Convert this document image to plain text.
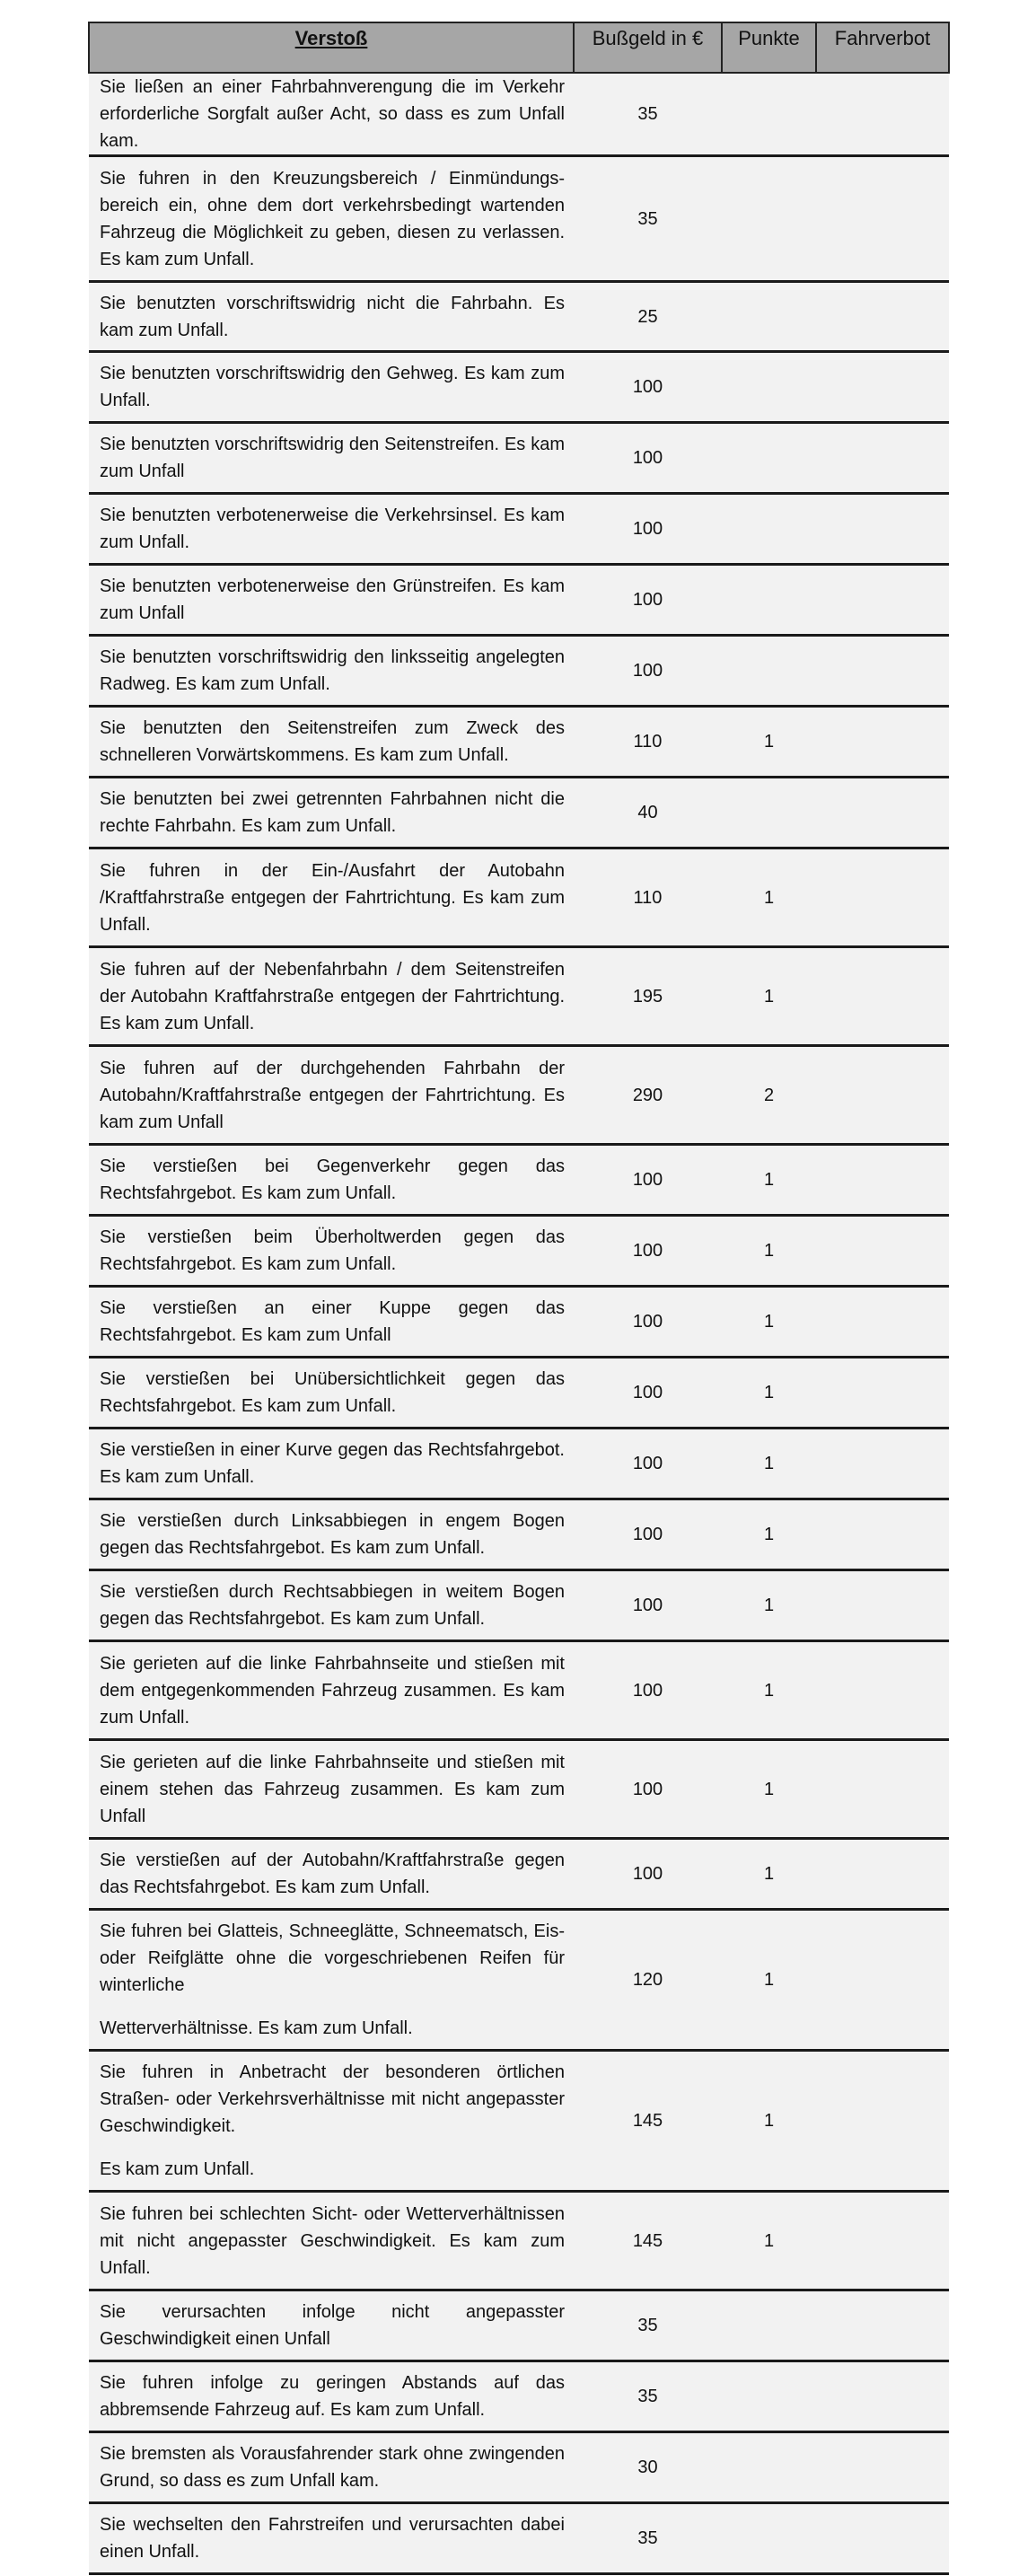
Verstoß	Bußgeld in €	Punkte	Fahrverbot

Sie ließen an einer Fahrbahnverengung die im Verkehr erforderliche Sorgfalt außer Acht, so dass es zum Unfall kam.	35		

Sie fuhren in den Kreuzungsbereich / Einmündungs-bereich ein, ohne dem dort verkehrsbedingt wartenden Fahrzeug die Möglichkeit zu geben, diesen zu verlassen. Es kam zum Unfall.	35		

Sie benutzten vorschriftswidrig nicht die Fahrbahn. Es kam zum Unfall.	25		

Sie benutzten vorschriftswidrig den Gehweg. Es kam zum Unfall.	100		

Sie benutzten vorschriftswidrig den Seitenstreifen. Es kam zum Unfall	100		

Sie benutzten verbotenerweise die Verkehrsinsel. Es kam zum Unfall.	100		

Sie benutzten verbotenerweise den Grünstreifen. Es kam zum Unfall	100		

Sie benutzten vorschriftswidrig den linksseitig angelegten Radweg. Es kam zum Unfall.	100		

Sie benutzten den Seitenstreifen zum Zweck des schnelleren Vorwärtskommens. Es kam zum Unfall.	110	1	

Sie benutzten bei zwei getrennten Fahrbahnen nicht die rechte Fahrbahn. Es kam zum Unfall.	40		

Sie fuhren in der Ein-/Ausfahrt der Autobahn /Kraftfahrstraße entgegen der Fahrtrichtung. Es kam zum Unfall.	110	1	

Sie fuhren auf der Nebenfahrbahn / dem Seitenstreifen der Autobahn Kraftfahrstraße entgegen der Fahrtrichtung. Es kam zum Unfall.	195	1	

Sie fuhren auf der durchgehenden Fahrbahn der Autobahn/Kraftfahrstraße entgegen der Fahrtrichtung. Es kam zum Unfall	290	2	

Sie verstießen bei Gegenverkehr gegen das Rechtsfahrgebot. Es kam zum Unfall.	100	1	

Sie verstießen beim Überholtwerden gegen das Rechtsfahrgebot. Es kam zum Unfall.	100	1	

Sie verstießen an einer Kuppe gegen das Rechtsfahrgebot. Es kam zum Unfall	100	1	

Sie verstießen bei Unübersichtlichkeit gegen das Rechtsfahrgebot. Es kam zum Unfall.	100	1	

Sie verstießen in einer Kurve gegen das Rechtsfahrgebot. Es kam zum Unfall.	100	1	

Sie verstießen durch Linksabbiegen in engem Bogen gegen das Rechtsfahrgebot. Es kam zum Unfall.	100	1	

Sie verstießen durch Rechtsabbiegen in weitem Bogen gegen das Rechtsfahrgebot. Es kam zum Unfall.	100	1	

Sie gerieten auf die linke Fahrbahnseite und stießen mit dem entgegenkommenden Fahrzeug zusammen. Es kam zum Unfall.	100	1	

Sie gerieten auf die linke Fahrbahnseite und stießen mit einem stehen das Fahrzeug zusammen. Es kam zum Unfall	100	1	

Sie verstießen auf der Autobahn/Kraftfahrstraße gegen das Rechtsfahrgebot. Es kam zum Unfall.	100	1	

Sie fuhren bei Glatteis, Schneeglätte, Schneematsch, Eis- oder Reifglätte ohne die vorgeschriebenen Reifen für winterliche

Wetterverhältnisse. Es kam zum Unfall.	120	1	

Sie fuhren in Anbetracht der besonderen örtlichen Straßen- oder Verkehrsverhältnisse mit nicht angepasster Geschwindigkeit.

Es kam zum Unfall.	145	1	

Sie fuhren bei schlechten Sicht- oder Wetterverhältnissen mit nicht angepasster Geschwindigkeit. Es kam zum Unfall.	145	1	

Sie verursachten infolge nicht angepasster Geschwindigkeit einen Unfall	35		

Sie fuhren infolge zu geringen Abstands auf das abbremsende Fahrzeug auf. Es kam zum Unfall.	35		

Sie bremsten als Vorausfahrender stark ohne zwingenden Grund, so dass es zum Unfall kam.	30		

Sie wechselten den Fahrstreifen und verursachten dabei einen Unfall.	35		
